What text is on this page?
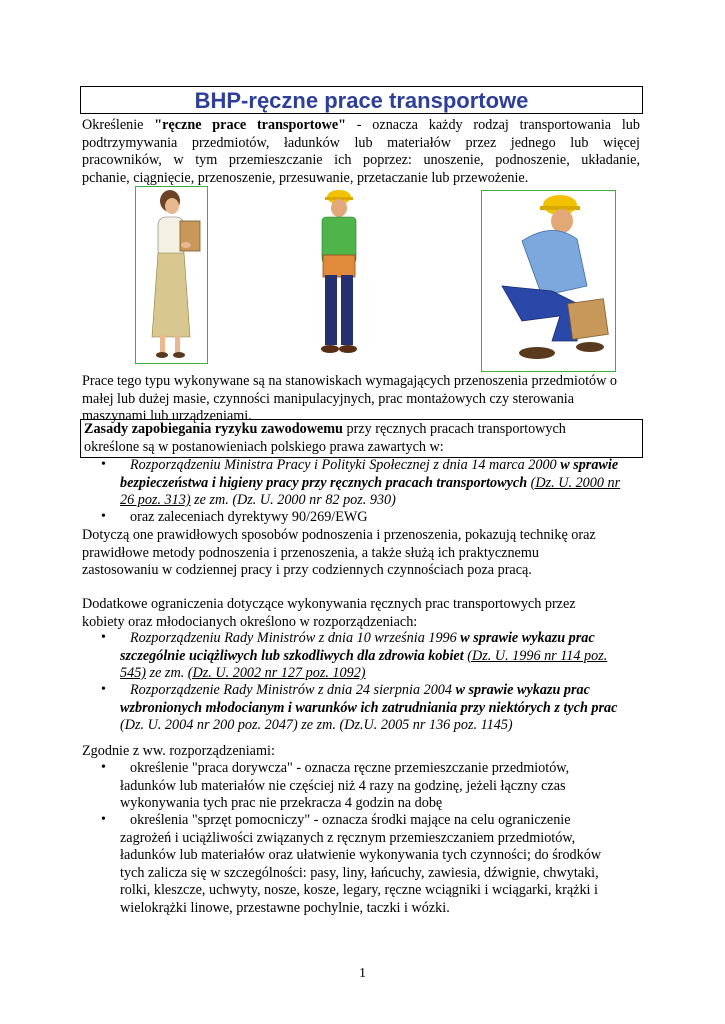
BHP-ręczne prace transportowe
Określenie "ręczne prace transportowe" - oznacza każdy rodzaj transportowania lub
podtrzymywania przedmiotów, ładunków lub materiałów przez jednego lub więcej
pracowników, w tym przemieszczanie ich poprzez: unoszenie, podnoszenie, układanie,
pchanie, ciągnięcie, przenoszenie, przesuwanie, przetaczanie lub przewożenie.
Prace tego typu wykonywane są na stanowiskach wymagających przenoszenia przedmiotów o
małej lub dużej masie, czynności manipulacyjnych, prac montażowych czy sterowania
maszynami lub urządzeniami.
Zasady zapobiegania ryzyku zawodowemu przy ręcznych pracach transportowych
określone są w postanowieniach polskiego prawa zawartych w:
• Rozporządzeniu Ministra Pracy i Polityki Społecznej z dnia 14 marca 2000 w sprawie
bezpieczeństwa i higieny pracy przy ręcznych pracach transportowych (Dz. U. 2000 nr
26 poz. 313) ze zm. (Dz. U. 2000 nr 82 poz. 930)
• oraz zaleceniach dyrektywy 90/269/EWG
Dotyczą one prawidłowych sposobów podnoszenia i przenoszenia, pokazują technikę oraz
prawidłowe metody podnoszenia i przenoszenia, a także służą ich praktycznemu
zastosowaniu w codziennej pracy i przy codziennych czynnościach poza pracą.
Dodatkowe ograniczenia dotyczące wykonywania ręcznych prac transportowych przez
kobiety oraz młodocianych określono w rozporządzeniach:
• Rozporządzeniu Rady Ministrów z dnia 10 września 1996 w sprawie wykazu prac
szczególnie uciążliwych lub szkodliwych dla zdrowia kobiet (Dz. U. 1996 nr 114 poz.
545) ze zm. (Dz. U. 2002 nr 127 poz. 1092)
• Rozporządzenie Rady Ministrów z dnia 24 sierpnia 2004 w sprawie wykazu prac
wzbronionych młodocianym i warunków ich zatrudniania przy niektórych z tych prac
(Dz. U. 2004 nr 200 poz. 2047) ze zm. (Dz.U. 2005 nr 136 poz. 1145)
Zgodnie z ww. rozporządzeniami:
• określenie "praca dorywcza" - oznacza ręczne przemieszczanie przedmiotów,
ładunków lub materiałów nie częściej niż 4 razy na godzinę, jeżeli łączny czas
wykonywania tych prac nie przekracza 4 godzin na dobę
• określenia "sprzęt pomocniczy" - oznacza środki mające na celu ograniczenie
zagrożeń i uciążliwości związanych z ręcznym przemieszczaniem przedmiotów,
ładunków lub materiałów oraz ułatwienie wykonywania tych czynności; do środków
tych zalicza się w szczególności: pasy, liny, łańcuchy, zawiesia, dźwignie, chwytaki,
rolki, kleszcze, uchwyty, nosze, kosze, legary, ręczne wciągniki i wciągarki, krążki i
wielokrążki linowe, przestawne pochylnie, taczki i wózki.
1
